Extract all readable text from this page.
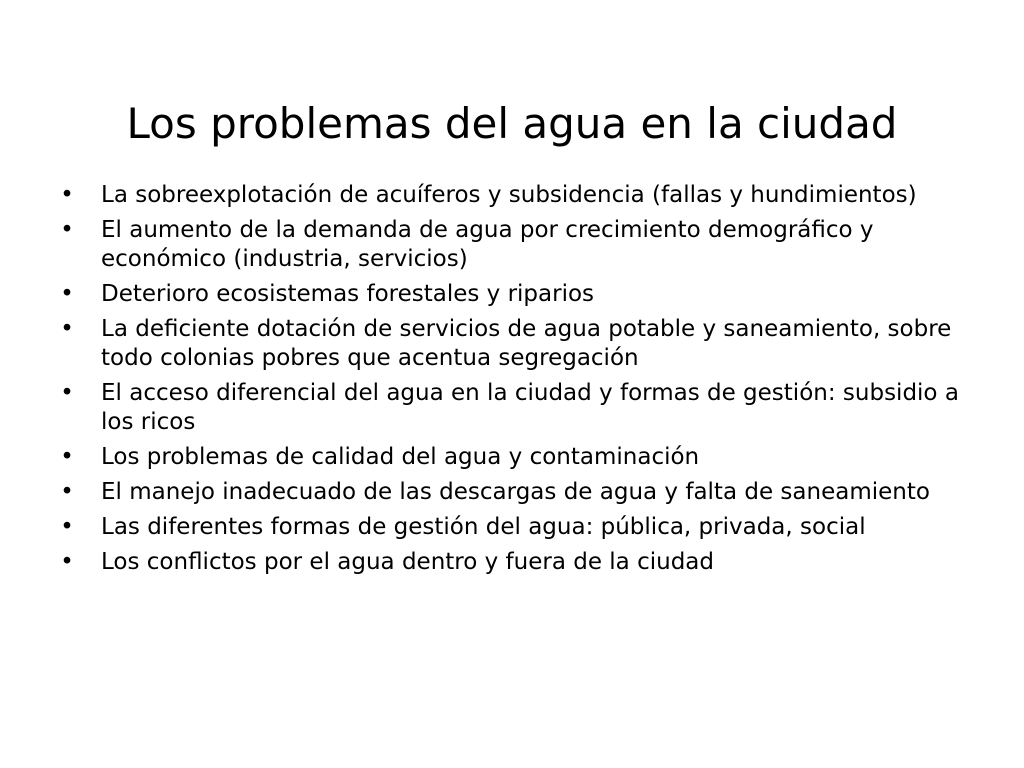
Los problemas del agua en la ciudad
• La sobreexplotación de acuíferos y subsidencia (fallas y hundimientos)
• El aumento de la demanda de agua por crecimiento demográfico y económico (industria, servicios)
• Deterioro ecosistemas forestales y riparios
• La deficiente dotación de servicios de agua potable y saneamiento, sobre todo colonias pobres que acentua segregación
• El acceso diferencial del agua en la ciudad y formas de gestión: subsidio a los ricos
• Los problemas de calidad del agua y contaminación
• El manejo inadecuado de las descargas de agua y falta de saneamiento
• Las diferentes formas de gestión del agua: pública, privada, social
• Los conflictos por el agua dentro y fuera de la ciudad
